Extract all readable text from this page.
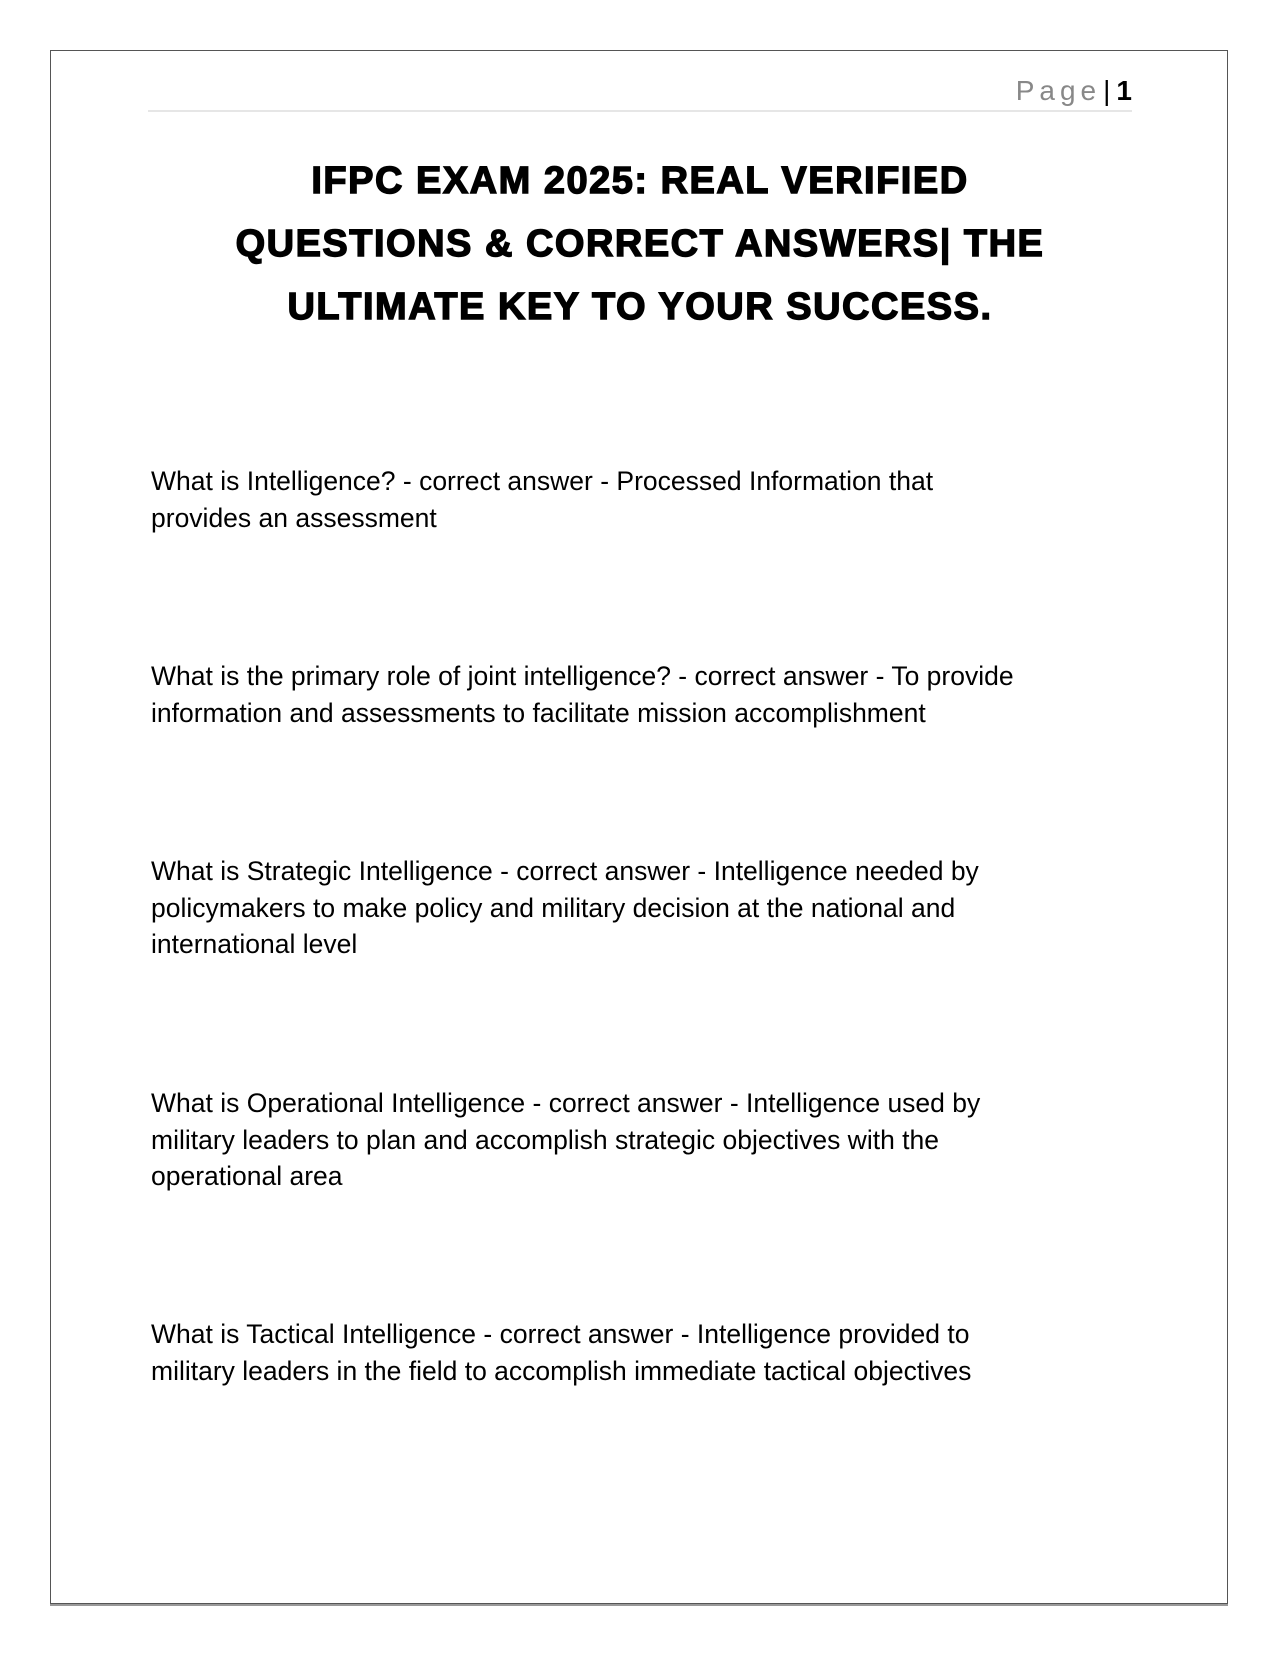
Page| 1
IFPC EXAM 2025: REAL VERIFIED
QUESTIONS & CORRECT ANSWERS| THE
ULTIMATE KEY TO YOUR SUCCESS.
What is Intelligence? - correct answer - Processed Information that
provides an assessment
What is the primary role of joint intelligence? - correct answer - To provide
information and assessments to facilitate mission accomplishment
What is Strategic Intelligence - correct answer - Intelligence needed by
policymakers to make policy and military decision at the national and
international level
What is Operational Intelligence - correct answer - Intelligence used by
military leaders to plan and accomplish strategic objectives with the
operational area
What is Tactical Intelligence - correct answer - Intelligence provided to
military leaders in the field to accomplish immediate tactical objectives
